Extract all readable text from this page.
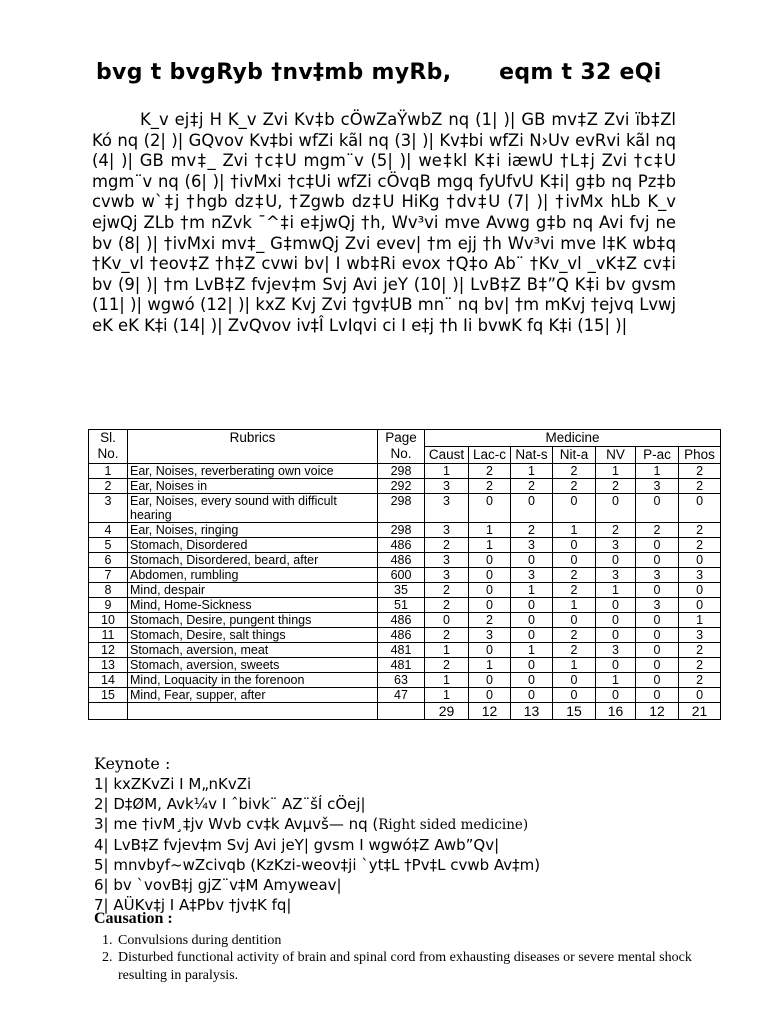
bvg t bvgRyb †nv‡mb myRb,      eqm t 32 eQi
K_v ej‡j H K_v Zvi Kv‡b cÖwZaŸwbZ nq (1| )| GB mv‡Z Zvi ïb‡Zl Kó nq (2| )| GQvov Kv‡bi wfZi kãl nq (3| )| Kv‡bi wfZi N›Uv evRvi kãl nq (4| )| GB mv‡_ Zvi †c‡U mgm¨v (5| )| we‡kl K‡i iæwU †L‡j Zvi †c‡U mgm¨v nq (6| )| †ivMxi †c‡Ui wfZi cÖvqB mgq fyUfvU K‡i| g‡b nq Pz‡b cvwb w`‡j †hgb dz‡U, †Zgwb dz‡U HiKg †dv‡U (7| )| †ivMx hLb K_v ejwQj ZLb †m nZvk ¯^‡i e‡jwQj †h, Wv³vi mve Avwg g‡b nq Avi fvj ne bv (8| )| †ivMxi mv‡_ G‡mwQj Zvi evev| †m ejj †h Wv³vi mve l‡K wb‡q †Kv_vl †eov‡Z †h‡Z cvwi bv| I wb‡Ri evox †Q‡o Ab¨ †Kv_vl _vK‡Z cv‡i bv (9| )| †m LvB‡Z fvjev‡m Svj Avi jeY (10| )| LvB‡Z B‡”Q K‡i bv gvsm (11| )| wgwó (12| )| kxZ Kvj Zvi †gv‡UB mn¨ nq bv| †m mKvj †ejvq Lvwj eK eK K‡i (14| )| ZvQvov iv‡Î LvIqvi ci I e‡j †h Ii bvwK fq K‡i (15| )|
Sl. No.	Rubrics	Page No.	Medicine						
			Caust	Lac-c	Nat-s	Nit-a	NV	P-ac	Phos
1	Ear, Noises, reverberating own voice	298	1	2	1	2	1	1	2
2	Ear, Noises in	292	3	2	2	2	2	3	2
3	Ear, Noises, every sound with difficult hearing	298	3	0	0	0	0	0	0
4	Ear, Noises, ringing	298	3	1	2	1	2	2	2
5	Stomach, Disordered	486	2	1	3	0	3	0	2
6	Stomach, Disordered, beard, after	486	3	0	0	0	0	0	0
7	Abdomen, rumbling	600	3	0	3	2	3	3	3
8	Mind, despair	35	2	0	1	2	1	0	0
9	Mind, Home-Sickness	51	2	0	0	1	0	3	0
10	Stomach, Desire, pungent things	486	0	2	0	0	0	0	1
11	Stomach, Desire, salt things	486	2	3	0	2	0	0	3
12	Stomach, aversion, meat	481	1	0	1	2	3	0	2
13	Stomach, aversion, sweets	481	2	1	0	1	0	0	2
14	Mind, Loquacity in the forenoon	63	1	0	0	0	1	0	2
15	Mind, Fear, supper, after	47	1	0	0	0	0	0	0
			29	12	13	15	16	12	21
Keynote :
1| kxZKvZi I M„nKvZi
2| D‡ØM, Avk¼v I ˆbivk¨ AZ¨šÍ cÖej|
3| me †ivM¸‡jv Wvb cv‡k Avµvš— nq (Right sided medicine)
4| LvB‡Z fvjev‡m Svj Avi jeY| gvsm I wgwó‡Z Awb”Qv|
5| mnvbyf~wZcivqb (KzKzi-weov‡ji `yt‡L †Pv‡L cvwb Av‡m)
6| bv `vovB‡j gjZ¨v‡M Amyweav|
7| AÜKv‡j I A‡Pbv †jv‡K fq|
Causation :
1. Convulsions during dentition
2. Disturbed functional activity of brain and spinal cord from exhausting diseases or severe mental shock resulting in paralysis.
